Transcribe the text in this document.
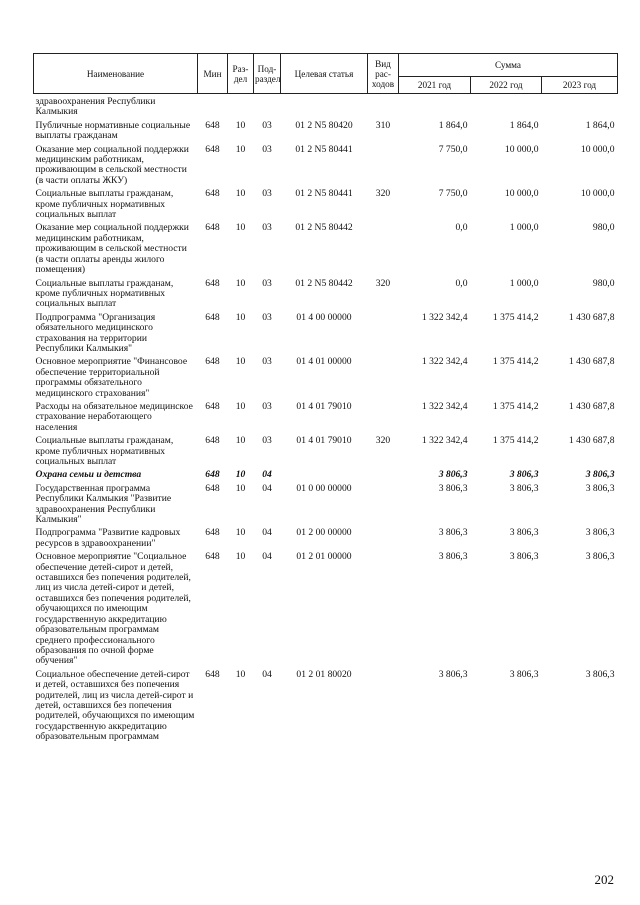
Наименование	Мин	Раз-дел	Под-раздел	Целевая статья	Вид рас-ходов	Сумма		
						2021 год	2022 год	2023 год
здравоохранения Республики Калмыкия								
Публичные нормативные социальные выплаты гражданам	648	10	03	01 2 N5 80420	310	1 864,0	1 864,0	1 864,0
Оказание мер социальной поддержки медицинским работникам, проживающим в сельской местности (в части оплаты ЖКУ)	648	10	03	01 2 N5 80441		7 750,0	10 000,0	10 000,0
Социальные выплаты гражданам, кроме публичных нормативных социальных выплат	648	10	03	01 2 N5 80441	320	7 750,0	10 000,0	10 000,0
Оказание мер социальной поддержки медицинским работникам, проживающим в сельской местности (в части оплаты аренды жилого помещения)	648	10	03	01 2 N5 80442		0,0	1 000,0	980,0
Социальные выплаты гражданам, кроме публичных нормативных социальных выплат	648	10	03	01 2 N5 80442	320	0,0	1 000,0	980,0
Подпрограмма "Организация обязательного медицинского страхования на территории Республики Калмыкия"	648	10	03	01 4 00 00000		1 322 342,4	1 375 414,2	1 430 687,8
Основное мероприятие "Финансовое обеспечение территориальной программы обязательного медицинского страхования"	648	10	03	01 4 01 00000		1 322 342,4	1 375 414,2	1 430 687,8
Расходы на обязательное медицинское страхование неработающего населения	648	10	03	01 4 01 79010		1 322 342,4	1 375 414,2	1 430 687,8
Социальные выплаты гражданам, кроме публичных нормативных социальных выплат	648	10	03	01 4 01 79010	320	1 322 342,4	1 375 414,2	1 430 687,8
Охрана семьи и детства	648	10	04			3 806,3	3 806,3	3 806,3
Государственная программа Республики Калмыкия "Развитие здравоохранения Республики Калмыкия"	648	10	04	01 0 00 00000		3 806,3	3 806,3	3 806,3
Подпрограмма "Развитие кадровых ресурсов в здравоохранении"	648	10	04	01 2 00 00000		3 806,3	3 806,3	3 806,3
Основное мероприятие "Социальное обеспечение детей-сирот и детей, оставшихся без попечения родителей, лиц из числа детей-сирот и детей, оставшихся без попечения родителей, обучающихся по имеющим государственную аккредитацию образовательным программам среднего профессионального образования по очной форме обучения"	648	10	04	01 2 01 00000		3 806,3	3 806,3	3 806,3
Социальное обеспечение детей-сирот и детей, оставшихся без попечения родителей, лиц из числа детей-сирот и детей, оставшихся без попечения родителей, обучающихся по имеющим государственную аккредитацию образовательным программам	648	10	04	01 2 01 80020		3 806,3	3 806,3	3 806,3
202
